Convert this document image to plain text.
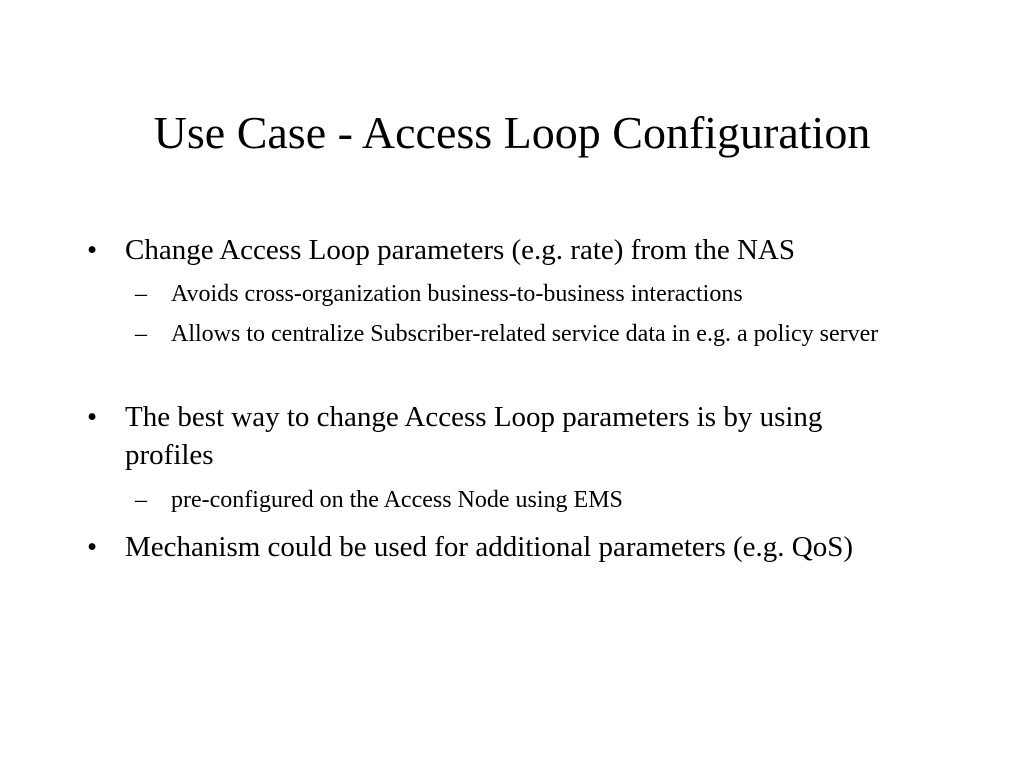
Use Case - Access Loop Configuration
• Change Access Loop parameters (e.g. rate) from the NAS
– Avoids cross-organization business-to-business interactions
– Allows to centralize Subscriber-related service data in e.g. a policy server
• The best way to change Access Loop parameters is by using profiles
– pre-configured on the Access Node using EMS
• Mechanism could be used for additional parameters (e.g. QoS)
